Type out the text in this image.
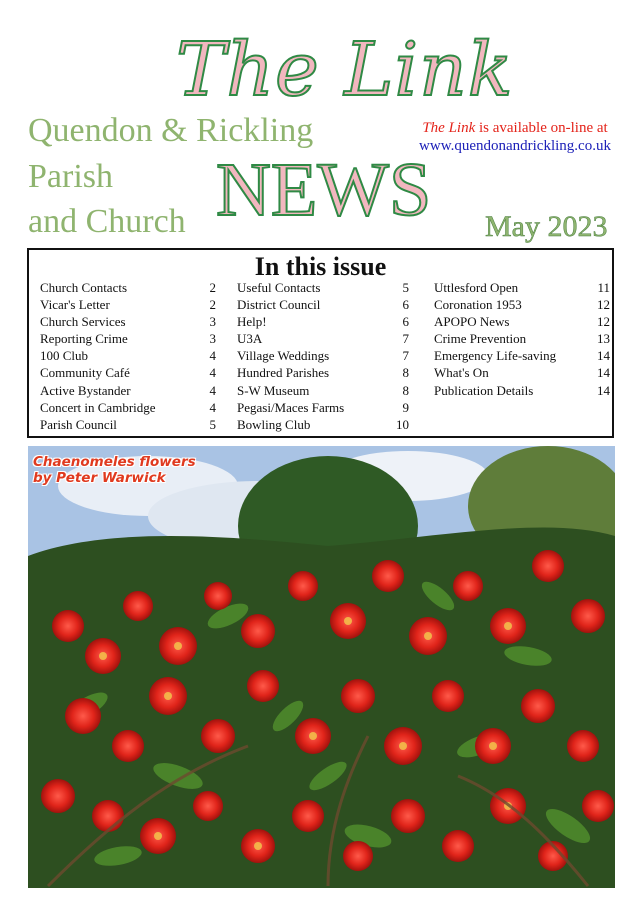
The Link
Quendon & Rickling
Parish
and Church NEWS May 2023
The Link is available on-line at
www.quendonandrickling.co.uk
In this issue
Church Contacts	2
Vicar's Letter	2
Church Services	3
Reporting Crime	3
100 Club	4
Community Café	4
Active Bystander	4
Concert in Cambridge	4
Parish Council	5
Useful Contacts	5
District Council	6
Help!	6
U3A	7
Village Weddings	7
Hundred Parishes	8
S-W Museum	8
Pegasi/Maces Farms	9
Bowling Club	10
Uttlesford Open	11
Coronation 1953	12
APOPO News	12
Crime Prevention	13
Emergency Life-saving	14
What's On	14
Publication Details	14
Chaenomeles flowers
by Peter Warwick
